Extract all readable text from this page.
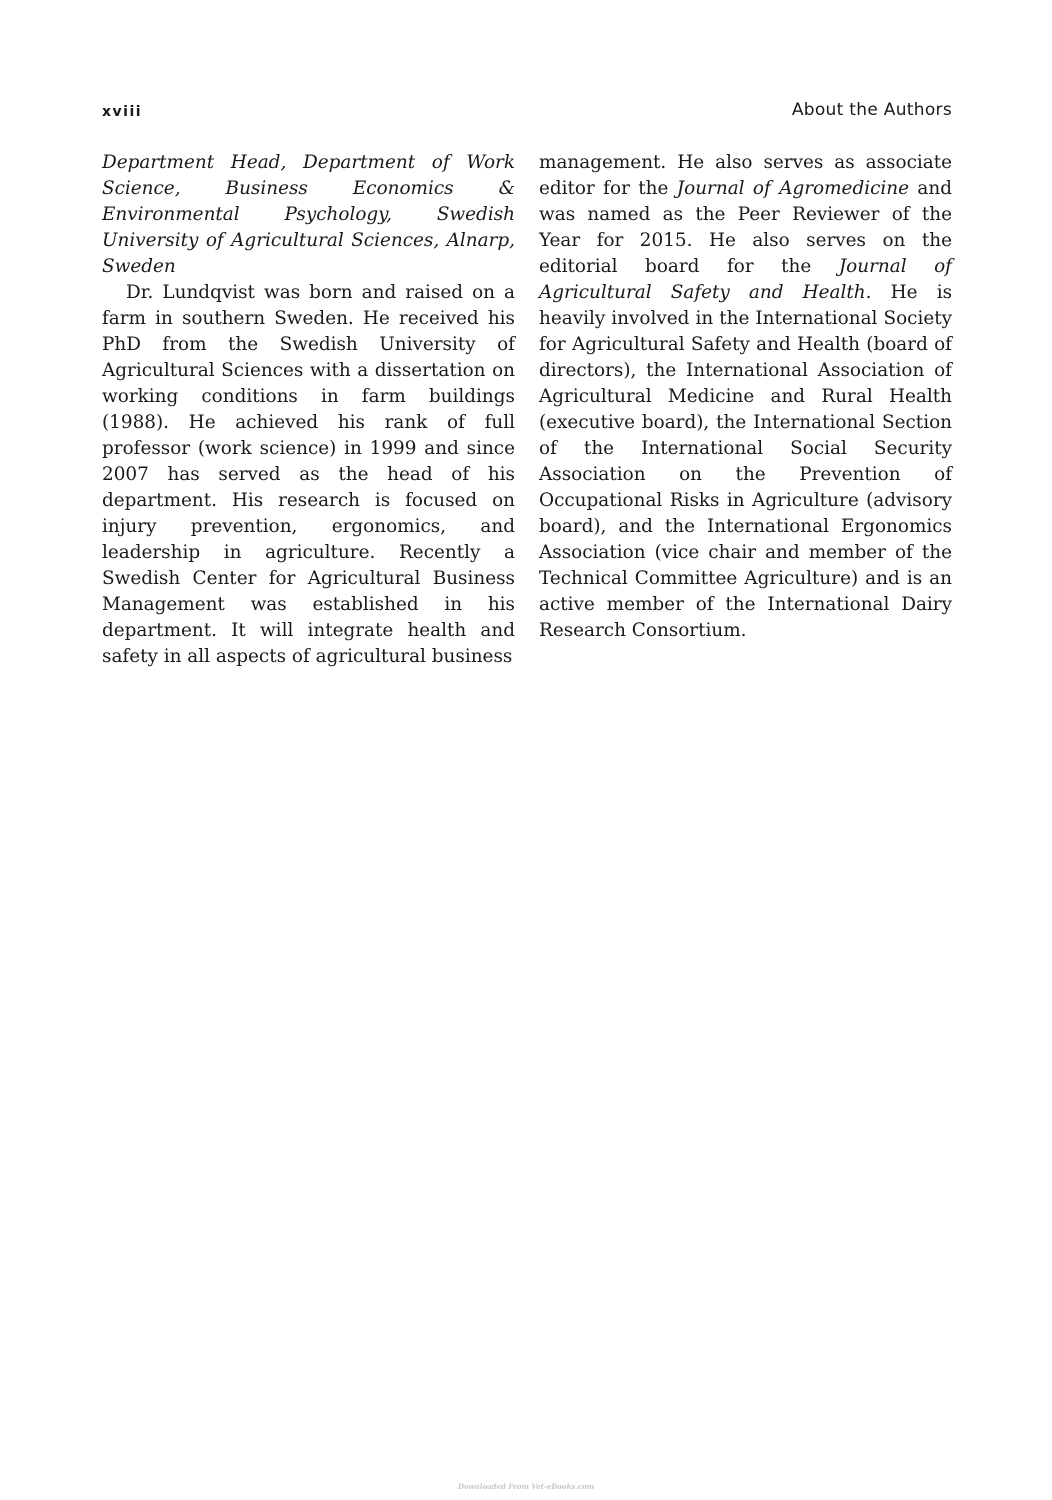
xviii	About the Authors

Department Head, Department of Work Science, Business Economics & Environmental Psychology, Swedish University of Agricultural Sciences, Alnarp, Sweden

Dr. Lundqvist was born and raised on a farm in southern Sweden. He received his PhD from the Swedish University of Agricultural Sciences with a dissertation on working conditions in farm buildings (1988). He achieved his rank of full professor (work science) in 1999 and since 2007 has served as the head of his department. His research is focused on injury prevention, ergonomics, and leadership in agriculture. Recently a Swedish Center for Agricultural Business Management was established in his department. It will integrate health and safety in all aspects of agricultural business

management. He also serves as associate editor for the Journal of Agromedicine and was named as the Peer Reviewer of the Year for 2015. He also serves on the editorial board for the Journal of Agricultural Safety and Health. He is heavily involved in the International Society for Agricultural Safety and Health (board of directors), the International Association of Agricultural Medicine and Rural Health (executive board), the International Section of the International Social Security Association on the Prevention of Occupational Risks in Agriculture (advisory board), and the International Ergonomics Association (vice chair and member of the Technical Committee Agriculture) and is an active member of the International Dairy Research Consortium.

Downloaded From Vet-eBooks.com
